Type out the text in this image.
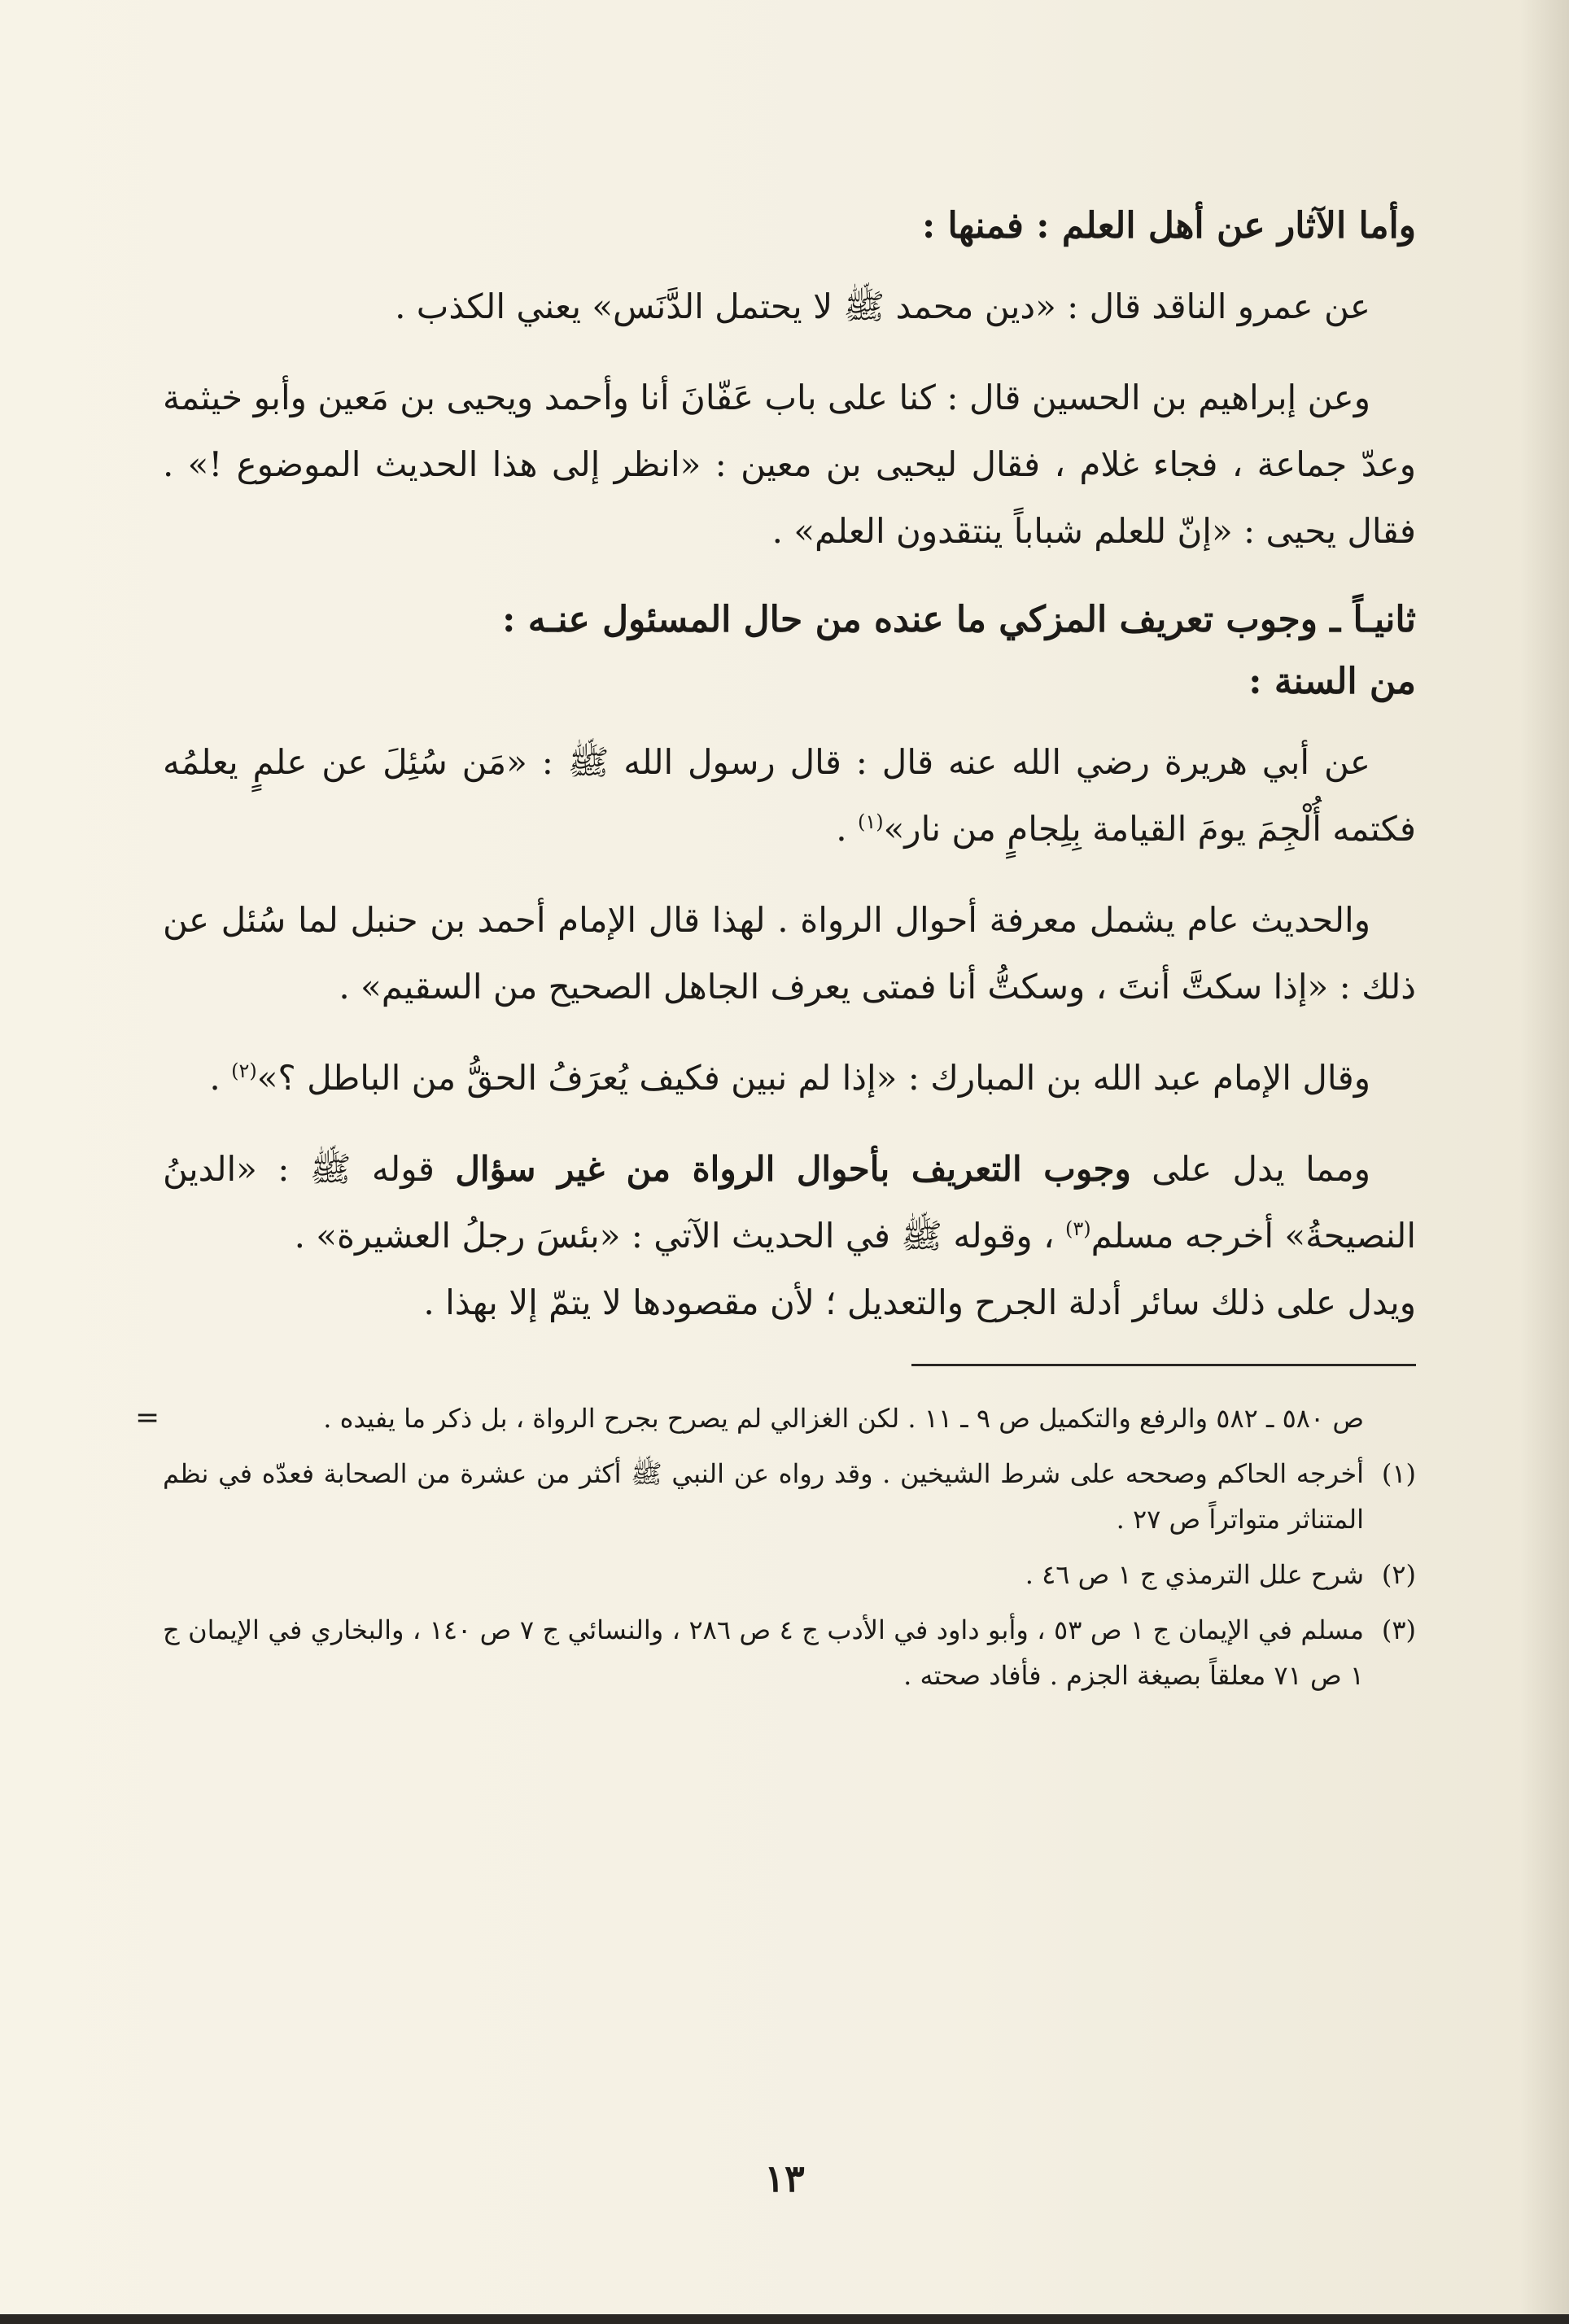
وأما الآثار عن أهل العلم : فمنها :

عن عمرو الناقد قال : «دين محمد ﷺ لا يحتمل الدَّنَس» يعني الكذب .

وعن إبراهيم بن الحسين قال : كنا على باب عَفّانَ أنا وأحمد ويحيى بن مَعين وأبو خيثمة وعدّ جماعة ، فجاء غلام ، فقال ليحيى بن معين : «انظر إلى هذا الحديث الموضوع !» . فقال يحيى : «إنّ للعلم شباباً ينتقدون العلم» .

ثانيـاً ـ وجوب تعريف المزكي ما عنده من حال المسئول عنـه :
من السنة :

عن أبي هريرة رضي الله عنه قال : قال رسول الله ﷺ : «مَن سُئِلَ عن علمٍ يعلمُه فكتمه أُلْجِمَ يومَ القيامة بِلِجامٍ من نار»$^{(١)}$ .

والحديث عام يشمل معرفة أحوال الرواة . لهذا قال الإمام أحمد بن حنبل لما سُئل عن ذلك : «إذا سكتَّ أنتَ ، وسكتُّ أنا فمتى يعرف الجاهل الصحيح من السقيم» .

وقال الإمام عبد الله بن المبارك : «إذا لم نبين فكيف يُعرَفُ الحقُّ من الباطل ؟»$^{(٢)}$ .

ومما يدل على وجوب التعريف بأحوال الرواة من غير سؤال قوله ﷺ : «الدينُ النصيحةُ» أخرجه مسلم$^{(٣)}$ ، وقوله ﷺ في الحديث الآتي : «بئسَ رجلُ العشيرة» .

ويدل على ذلك سائر أدلة الجرح والتعديل ؛ لأن مقصودها لا يتمّ إلا بهذا .

=	ص ٥٨٠ ـ ٥٨٢ والرفع والتكميل ص ٩ ـ ١١ . لكن الغزالي لم يصرح بجرح الرواة ، بل ذكر ما يفيده .
(١)
أخرجه الحاكم وصححه على شرط الشيخين . وقد رواه عن النبي ﷺ أكثر من عشرة من الصحابة فعدّه في نظم المتناثر متواتراً ص ٢٧ .
(٢)
شرح علل الترمذي ج ١ ص ٤٦ .
(٣)
مسلم في الإيمان ج ١ ص ٥٣ ، وأبو داود في الأدب ج ٤ ص ٢٨٦ ، والنسائي ج ٧ ص ١٤٠ ، والبخاري في الإيمان ج ١ ص ٧١ معلقاً بصيغة الجزم . فأفاد صحته .
١٣
